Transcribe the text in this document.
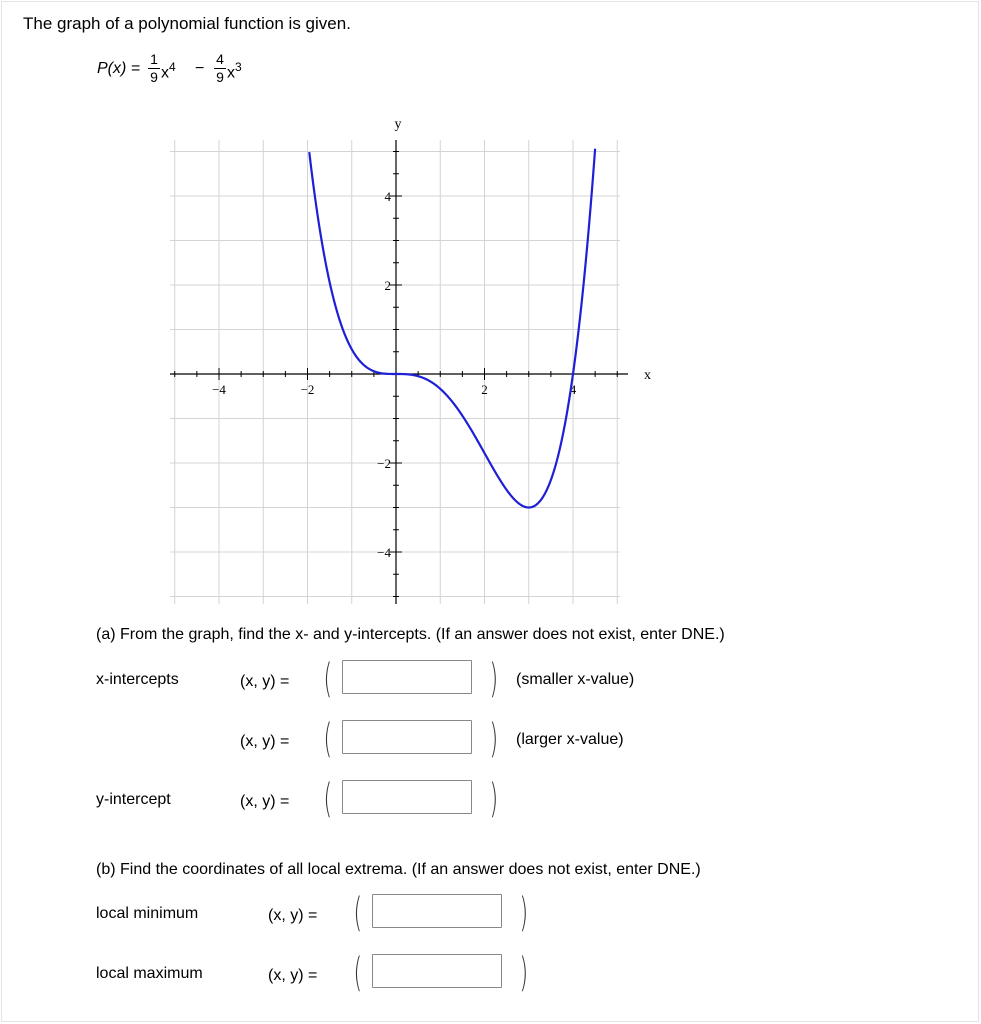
The graph of a polynomial function is given.
P(x) =
1
9 $x^4$ −
4
9 $x^3$
−4	−2	2	4
4
2
−2
−4
x
y
(a) From the graph, find the x- and y-intercepts. (If an answer does not exist, enter DNE.)
x-intercepts	(x, y) = (	) (smaller x-value)
(x, y) = (	) (larger x-value)
y-intercept	(x, y) = (	)
(b) Find the coordinates of all local extrema. (If an answer does not exist, enter DNE.)
local minimum	(x, y) = (	)
local maximum	(x, y) = (	)
